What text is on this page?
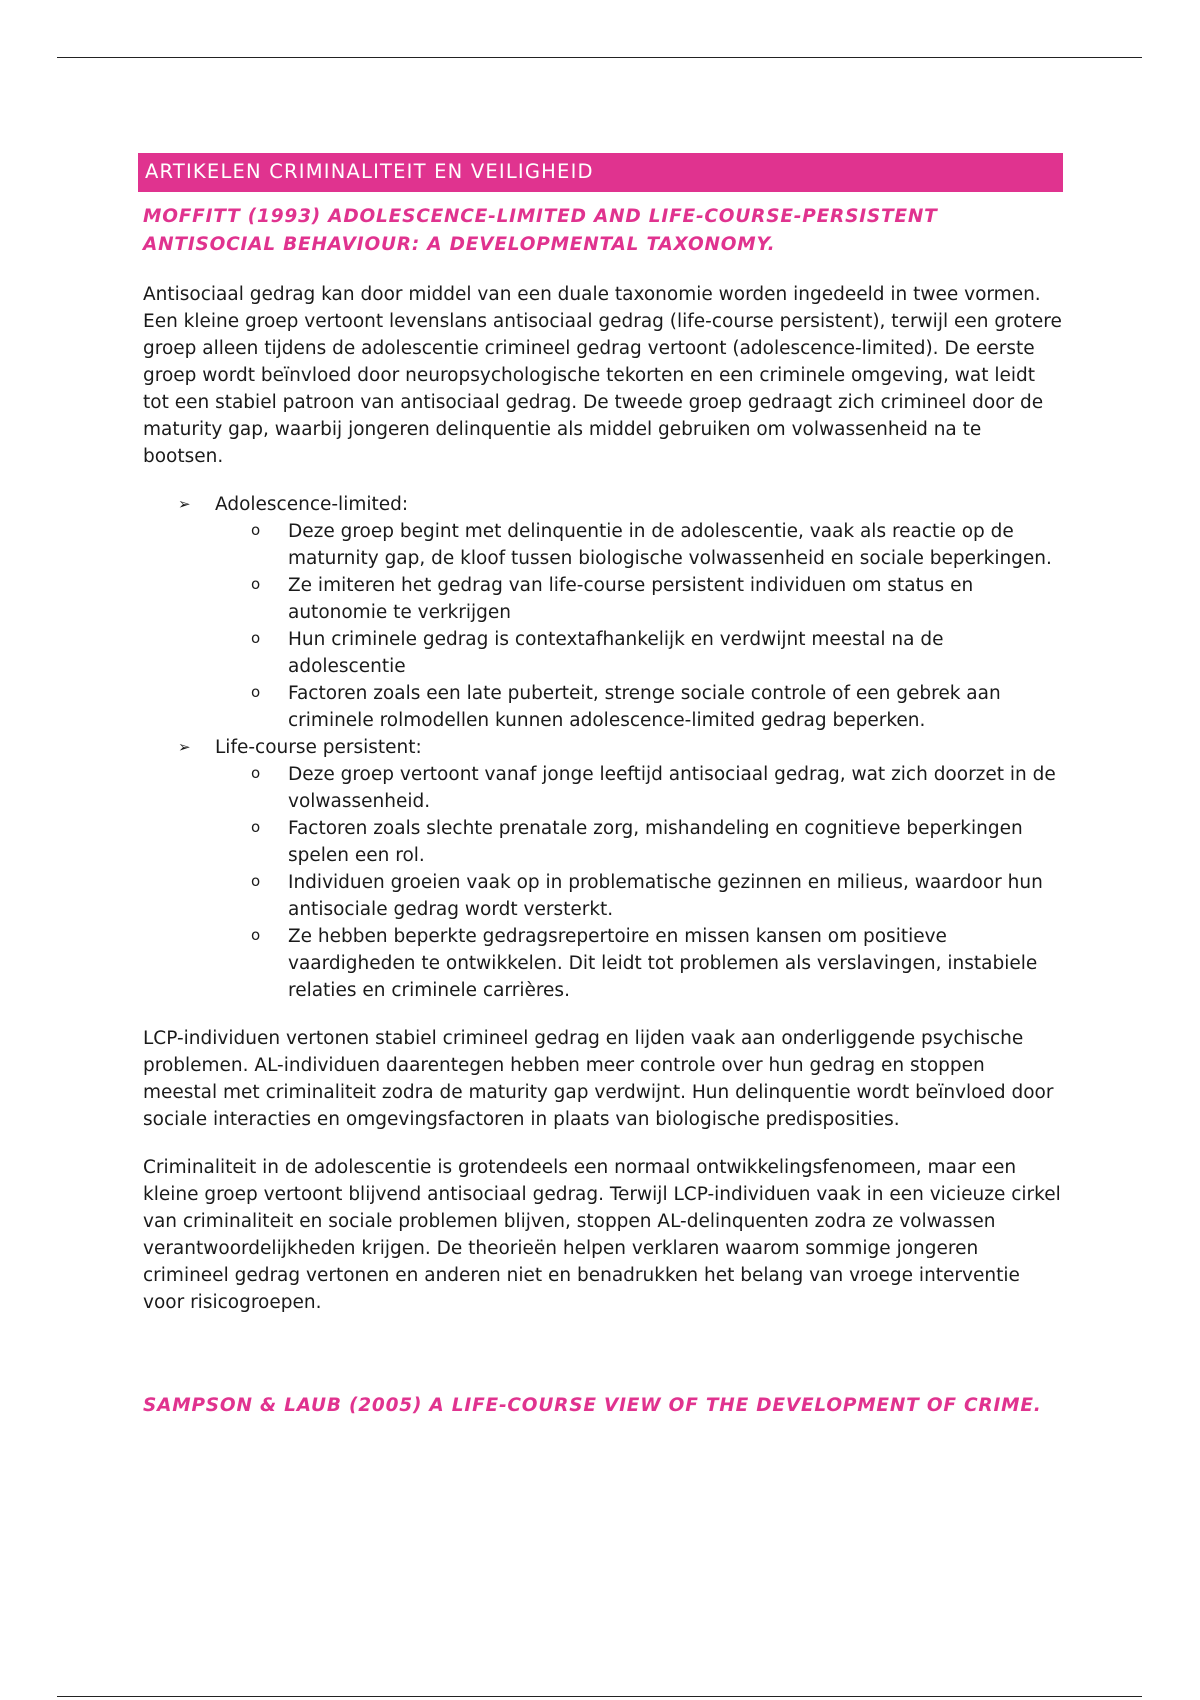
ARTIKELEN CRIMINALITEIT EN VEILIGHEID
MOFFITT (1993) ADOLESCENCE-LIMITED AND LIFE-COURSE-PERSISTENT ANTISOCIAL BEHAVIOUR: A DEVELOPMENTAL TAXONOMY.

Antisociaal gedrag kan door middel van een duale taxonomie worden ingedeeld in twee vormen. Een kleine groep vertoont levenslans antisociaal gedrag (life-course persistent), terwijl een grotere groep alleen tijdens de adolescentie crimineel gedrag vertoont (adolescence-limited). De eerste groep wordt beïnvloed door neuropsychologische tekorten en een criminele omgeving, wat leidt tot een stabiel patroon van antisociaal gedrag. De tweede groep gedraagt zich crimineel door de maturity gap, waarbij jongeren delinquentie als middel gebruiken om volwassenheid na te bootsen.

➢ Adolescence-limited:
o Deze groep begint met delinquentie in de adolescentie, vaak als reactie op de maturnity gap, de kloof tussen biologische volwassenheid en sociale beperkingen.
o Ze imiteren het gedrag van life-course persistent individuen om status en autonomie te verkrijgen
o Hun criminele gedrag is contextafhankelijk en verdwijnt meestal na de adolescentie
o Factoren zoals een late puberteit, strenge sociale controle of een gebrek aan criminele rolmodellen kunnen adolescence-limited gedrag beperken.
➢ Life-course persistent:
o Deze groep vertoont vanaf jonge leeftijd antisociaal gedrag, wat zich doorzet in de volwassenheid.
o Factoren zoals slechte prenatale zorg, mishandeling en cognitieve beperkingen spelen een rol.
o Individuen groeien vaak op in problematische gezinnen en milieus, waardoor hun antisociale gedrag wordt versterkt.
o Ze hebben beperkte gedragsrepertoire en missen kansen om positieve vaardigheden te ontwikkelen. Dit leidt tot problemen als verslavingen, instabiele relaties en criminele carrières.

LCP-individuen vertonen stabiel crimineel gedrag en lijden vaak aan onderliggende psychische problemen. AL-individuen daarentegen hebben meer controle over hun gedrag en stoppen meestal met criminaliteit zodra de maturity gap verdwijnt. Hun delinquentie wordt beïnvloed door sociale interacties en omgevingsfactoren in plaats van biologische predisposities.

Criminaliteit in de adolescentie is grotendeels een normaal ontwikkelingsfenomeen, maar een kleine groep vertoont blijvend antisociaal gedrag. Terwijl LCP-individuen vaak in een vicieuze cirkel van criminaliteit en sociale problemen blijven, stoppen AL-delinquenten zodra ze volwassen verantwoordelijkheden krijgen. De theorieën helpen verklaren waarom sommige jongeren crimineel gedrag vertonen en anderen niet en benadrukken het belang van vroege interventie voor risicogroepen.

SAMPSON & LAUB (2005) A LIFE-COURSE VIEW OF THE DEVELOPMENT OF CRIME.
